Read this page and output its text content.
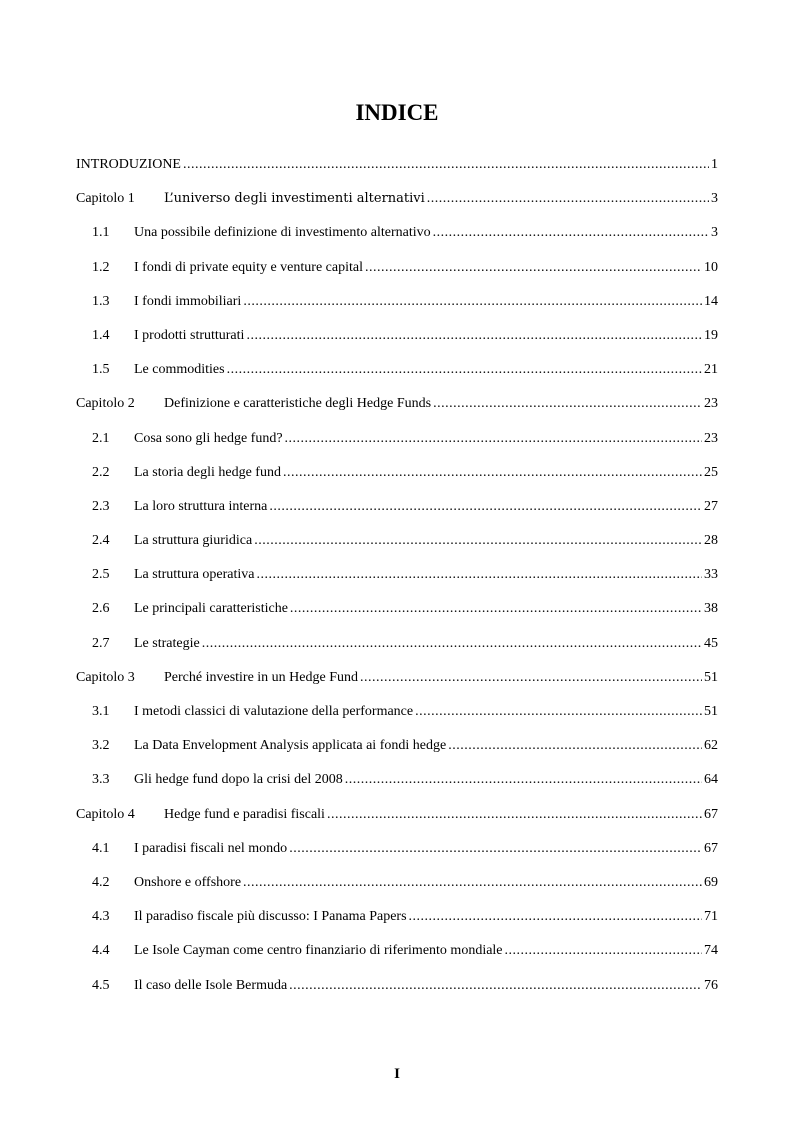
INDICE
INTRODUZIONE .....	1
Capitolo 1	L’universo degli investimenti alternativi .....	3
1.1	Una possibile definizione di investimento alternativo .....	3
1.2	I fondi di private equity e venture capital .....	10
1.3	I fondi immobiliari .....	14
1.4	I prodotti strutturati .....	19
1.5	Le commodities .....	21
Capitolo 2	Definizione e caratteristiche degli Hedge Funds .....	23
2.1	Cosa sono gli hedge fund? .....	23
2.2	La storia degli hedge fund .....	25
2.3	La loro struttura interna .....	27
2.4	La struttura giuridica .....	28
2.5	La struttura operativa .....	33
2.6	Le principali caratteristiche .....	38
2.7	Le strategie .....	45
Capitolo 3	Perché investire in un Hedge Fund .....	51
3.1	I metodi classici di valutazione della performance .....	51
3.2	La Data Envelopment Analysis applicata ai fondi hedge .....	62
3.3	Gli hedge fund dopo la crisi del 2008 .....	64
Capitolo 4	Hedge fund e paradisi fiscali .....	67
4.1	I paradisi fiscali nel mondo .....	67
4.2	Onshore e offshore .....	69
4.3	Il paradiso fiscale più discusso: I Panama Papers .....	71
4.4	Le Isole Cayman come centro finanziario di riferimento mondiale .....	74
4.5	Il caso delle Isole Bermuda .....	76
I
